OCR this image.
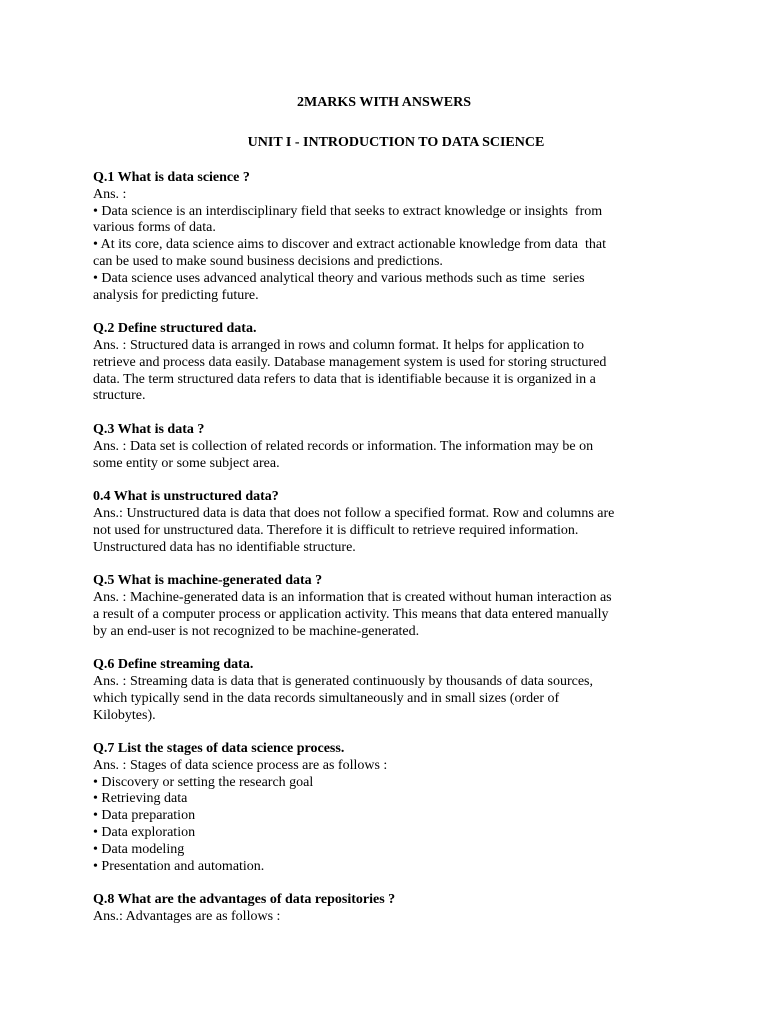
2MARKS WITH ANSWERS
UNIT I - INTRODUCTION TO DATA SCIENCE
Q.1 What is data science ?
Ans. :
• Data science is an interdisciplinary field that seeks to extract knowledge or insights  from
various forms of data.
• At its core, data science aims to discover and extract actionable knowledge from data  that
can be used to make sound business decisions and predictions.
• Data science uses advanced analytical theory and various methods such as time  series
analysis for predicting future.
Q.2 Define structured data.
Ans. : Structured data is arranged in rows and column format. It helps for application to
retrieve and process data easily. Database management system is used for storing structured
data. The term structured data refers to data that is identifiable because it is organized in a
structure.
Q.3 What is data ?
Ans. : Data set is collection of related records or information. The information may be on
some entity or some subject area.
0.4 What is unstructured data?
Ans.: Unstructured data is data that does not follow a specified format. Row and columns are
not used for unstructured data. Therefore it is difficult to retrieve required information.
Unstructured data has no identifiable structure.
Q.5 What is machine-generated data ?
Ans. : Machine-generated data is an information that is created without human interaction as
a result of a computer process or application activity. This means that data entered manually
by an end-user is not recognized to be machine-generated.
Q.6 Define streaming data.
Ans. : Streaming data is data that is generated continuously by thousands of data sources,
which typically send in the data records simultaneously and in small sizes (order of
Kilobytes).
Q.7 List the stages of data science process.
Ans. : Stages of data science process are as follows :
• Discovery or setting the research goal
• Retrieving data
• Data preparation
• Data exploration
• Data modeling
• Presentation and automation.
Q.8 What are the advantages of data repositories ?
Ans.: Advantages are as follows :
